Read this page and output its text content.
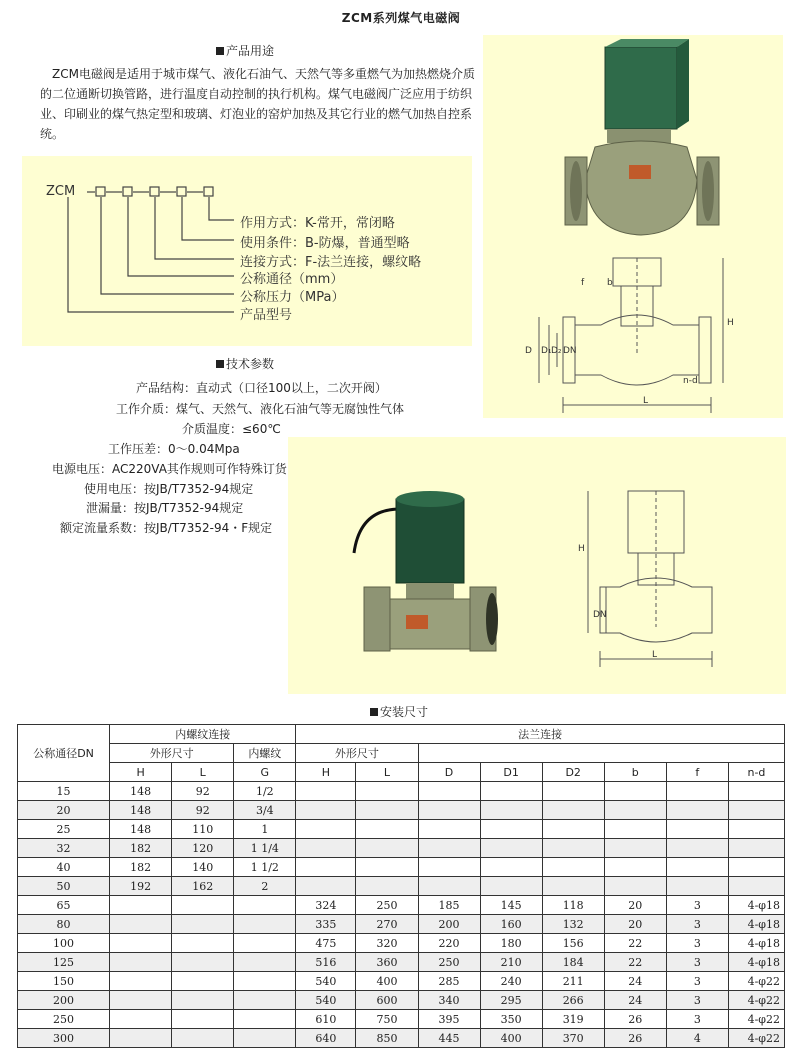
ZCM系列煤气电磁阀
产品用途
ZCM电磁阀是适用于城市煤气、液化石油气、天然气等多重燃气为加热燃烧介质的二位通断切换管路，进行温度自动控制的执行机构。煤气电磁阀广泛应用于纺织业、印刷业的煤气热定型和玻璃、灯泡业的窑炉加热及其它行业的燃气加热自控系统。
ZCM
作用方式：K-常开，常闭略
使用条件：B-防爆，普通型略
连接方式：F-法兰连接，螺纹略
公称通径（mm）
公称压力（MPa）
产品型号
f	b
H
D D₁ D₂ DN
n-d
L
技术参数
产品结构：直动式（口径100以上，二次开阀）
工作介质：煤气、天然气、液化石油气等无腐蚀性气体
介质温度：≤60℃
工作压差：0～0.04Mpa
电源电压：AC220VA其作规则可作特殊订货
使用电压：按JB/T7352-94规定
泄漏量：按JB/T7352-94规定
额定流量系数：按JB/T7352-94・F规定
H
DN
L
安装尺寸
公称通径DN	内螺纹连接			法兰连接							
	外形尺寸		内螺纹	外形尺寸							
	H	L	G	H	L	D	D1	D2	b	f	n-d
15	148	92	1/2								
20	148	92	3/4								
25	148	110	1								
32	182	120	1 1/4								
40	182	140	1 1/2								
50	192	162	2								
65				324	250	185	145	118	20	3	4-φ18
80				335	270	200	160	132	20	3	4-φ18
100				475	320	220	180	156	22	3	4-φ18
125				516	360	250	210	184	22	3	4-φ18
150				540	400	285	240	211	24	3	4-φ22
200				540	600	340	295	266	24	3	4-φ22
250				610	750	395	350	319	26	3	4-φ22
300				640	850	445	400	370	26	4	4-φ22
